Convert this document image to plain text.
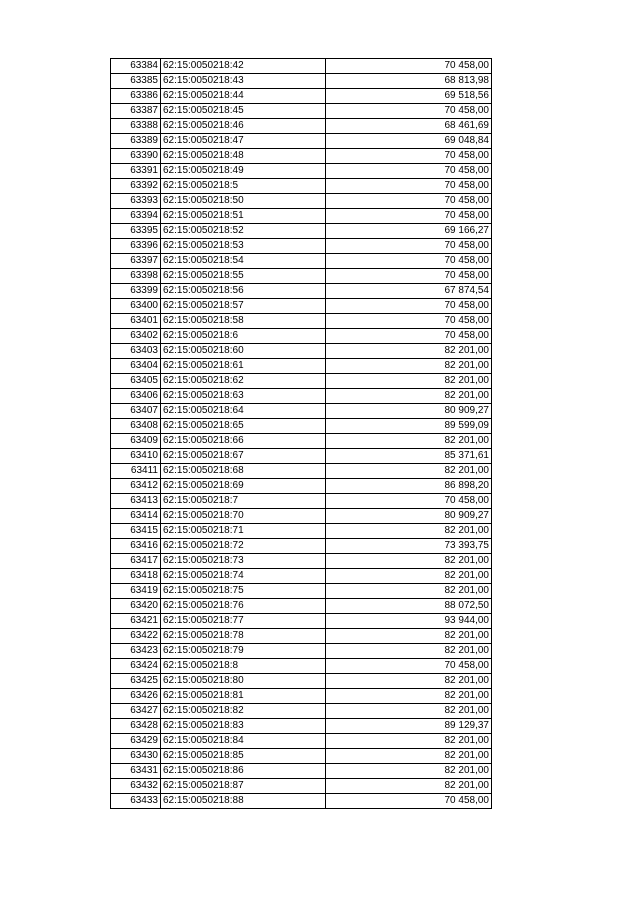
63384	62:15:0050218:42	70 458,00
63385	62:15:0050218:43	68 813,98
63386	62:15:0050218:44	69 518,56
63387	62:15:0050218:45	70 458,00
63388	62:15:0050218:46	68 461,69
63389	62:15:0050218:47	69 048,84
63390	62:15:0050218:48	70 458,00
63391	62:15:0050218:49	70 458,00
63392	62:15:0050218:5	70 458,00
63393	62:15:0050218:50	70 458,00
63394	62:15:0050218:51	70 458,00
63395	62:15:0050218:52	69 166,27
63396	62:15:0050218:53	70 458,00
63397	62:15:0050218:54	70 458,00
63398	62:15:0050218:55	70 458,00
63399	62:15:0050218:56	67 874,54
63400	62:15:0050218:57	70 458,00
63401	62:15:0050218:58	70 458,00
63402	62:15:0050218:6	70 458,00
63403	62:15:0050218:60	82 201,00
63404	62:15:0050218:61	82 201,00
63405	62:15:0050218:62	82 201,00
63406	62:15:0050218:63	82 201,00
63407	62:15:0050218:64	80 909,27
63408	62:15:0050218:65	89 599,09
63409	62:15:0050218:66	82 201,00
63410	62:15:0050218:67	85 371,61
63411	62:15:0050218:68	82 201,00
63412	62:15:0050218:69	86 898,20
63413	62:15:0050218:7	70 458,00
63414	62:15:0050218:70	80 909,27
63415	62:15:0050218:71	82 201,00
63416	62:15:0050218:72	73 393,75
63417	62:15:0050218:73	82 201,00
63418	62:15:0050218:74	82 201,00
63419	62:15:0050218:75	82 201,00
63420	62:15:0050218:76	88 072,50
63421	62:15:0050218:77	93 944,00
63422	62:15:0050218:78	82 201,00
63423	62:15:0050218:79	82 201,00
63424	62:15:0050218:8	70 458,00
63425	62:15:0050218:80	82 201,00
63426	62:15:0050218:81	82 201,00
63427	62:15:0050218:82	82 201,00
63428	62:15:0050218:83	89 129,37
63429	62:15:0050218:84	82 201,00
63430	62:15:0050218:85	82 201,00
63431	62:15:0050218:86	82 201,00
63432	62:15:0050218:87	82 201,00
63433	62:15:0050218:88	70 458,00
